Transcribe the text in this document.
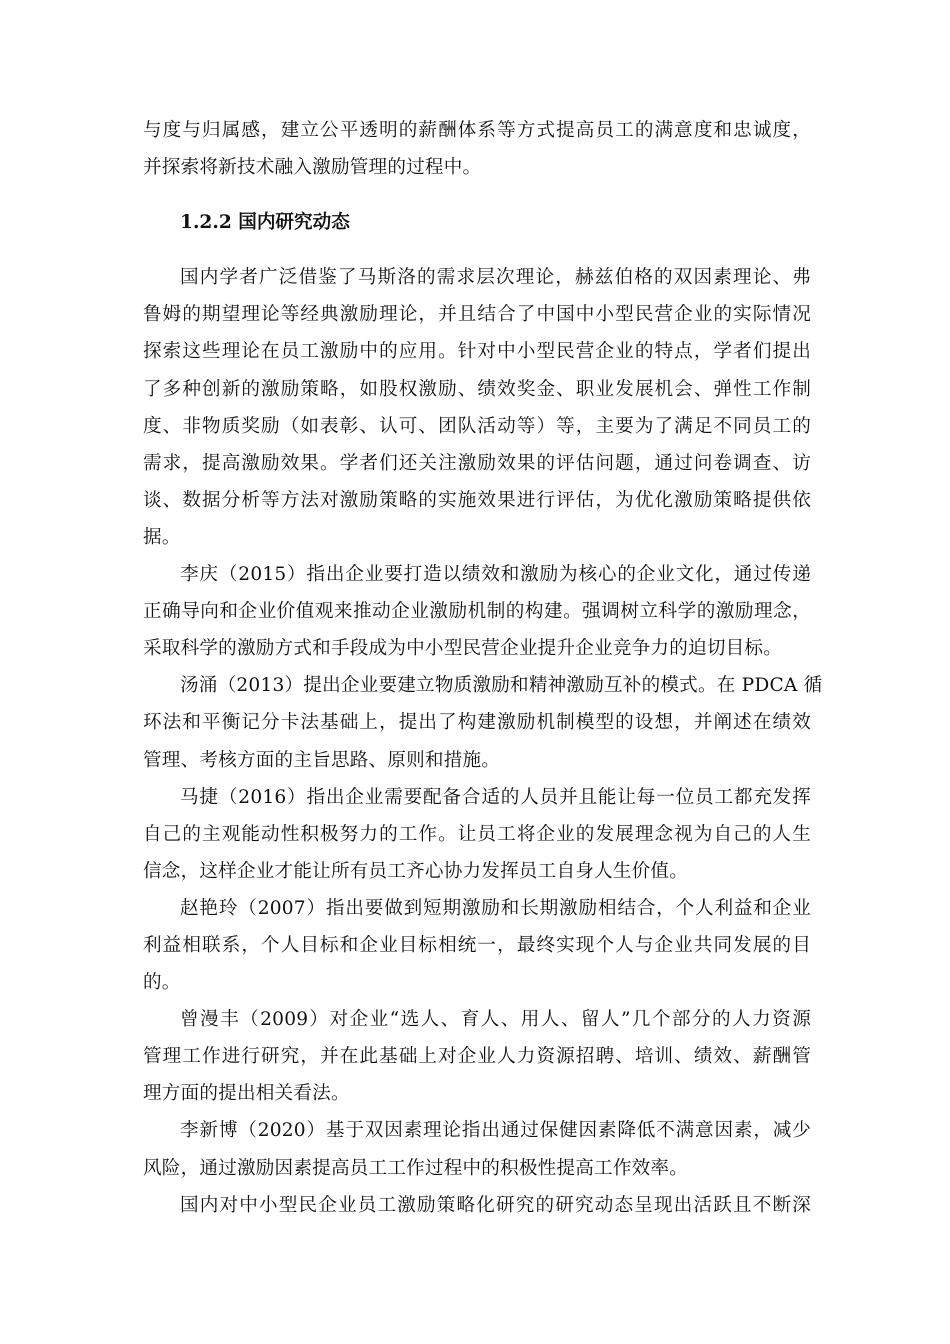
与度与归属感，建立公平透明的薪酬体系等方式提高员工的满意度和忠诚度，
并探索将新技术融入激励管理的过程中。
1.2.2 国内研究动态
国内学者广泛借鉴了马斯洛的需求层次理论，赫兹伯格的双因素理论、弗
鲁姆的期望理论等经典激励理论，并且结合了中国中小型民营企业的实际情况
探索这些理论在员工激励中的应用。针对中小型民营企业的特点，学者们提出
了多种创新的激励策略，如股权激励、绩效奖金、职业发展机会、弹性工作制
度、非物质奖励（如表彰、认可、团队活动等）等，主要为了满足不同员工的
需求，提高激励效果。学者们还关注激励效果的评估问题，通过问卷调查、访
谈、数据分析等方法对激励策略的实施效果进行评估，为优化激励策略提供依
据。
李庆（2015）指出企业要打造以绩效和激励为核心的企业文化，通过传递
正确导向和企业价值观来推动企业激励机制的构建。强调树立科学的激励理念，
采取科学的激励方式和手段成为中小型民营企业提升企业竞争力的迫切目标。
汤涌（2013）提出企业要建立物质激励和精神激励互补的模式。在 PDCA 循
环法和平衡记分卡法基础上，提出了构建激励机制模型的设想，并阐述在绩效
管理、考核方面的主旨思路、原则和措施。
马捷（2016）指出企业需要配备合适的人员并且能让每一位员工都充发挥
自己的主观能动性积极努力的工作。让员工将企业的发展理念视为自己的人生
信念，这样企业才能让所有员工齐心协力发挥员工自身人生价值。
赵艳玲（2007）指出要做到短期激励和长期激励相结合，个人利益和企业
利益相联系，个人目标和企业目标相统一，最终实现个人与企业共同发展的目
的。
曾漫丰（2009）对企业“选人、育人、用人、留人”几个部分的人力资源
管理工作进行研究，并在此基础上对企业人力资源招聘、培训、绩效、薪酬管
理方面的提出相关看法。
李新博（2020）基于双因素理论指出通过保健因素降低不满意因素，减少
风险，通过激励因素提高员工工作过程中的积极性提高工作效率。
国内对中小型民企业员工激励策略化研究的研究动态呈现出活跃且不断深
